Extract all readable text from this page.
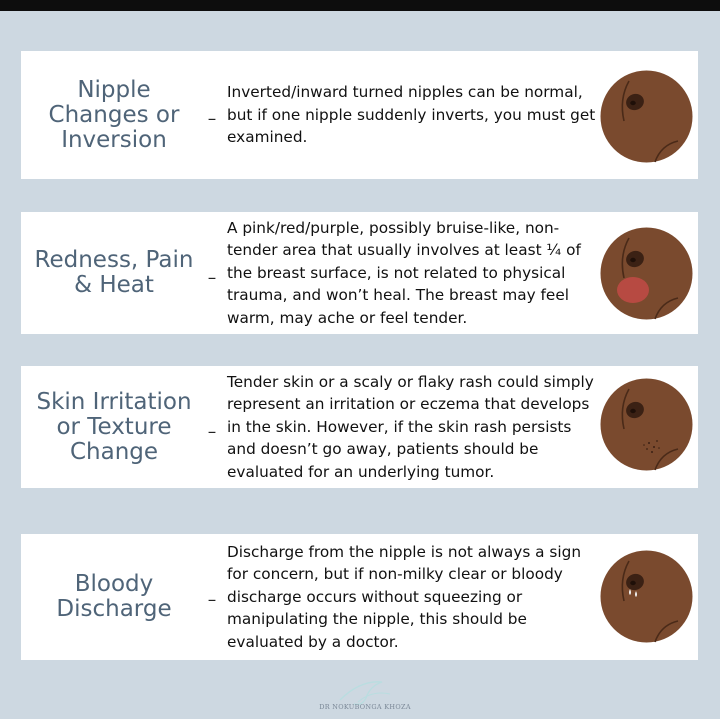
Nipple
Changes or
Inversion
–
Inverted/inward turned nipples can be normal, but if one nipple suddenly inverts, you must get examined.
Redness, Pain
& Heat	–
A pink/red/purple, possibly bruise-like, non-tender area that usually involves at least ¼ of the breast surface, is not related to physical trauma, and won’t heal. The breast may feel warm, may ache or feel tender.
Skin Irritation
or Texture
Change
–
Tender skin or a scaly or flaky rash could simply represent an irritation or eczema that develops in the skin. However, if the skin rash persists and doesn’t go away, patients should be evaluated for an underlying tumor.
Bloody
Discharge	–
Discharge from the nipple is not always a sign for concern, but if non-milky clear or bloody discharge occurs without squeezing or manipulating the nipple, this should be evaluated by a doctor.
DR NOKUBONGA KHOZA
